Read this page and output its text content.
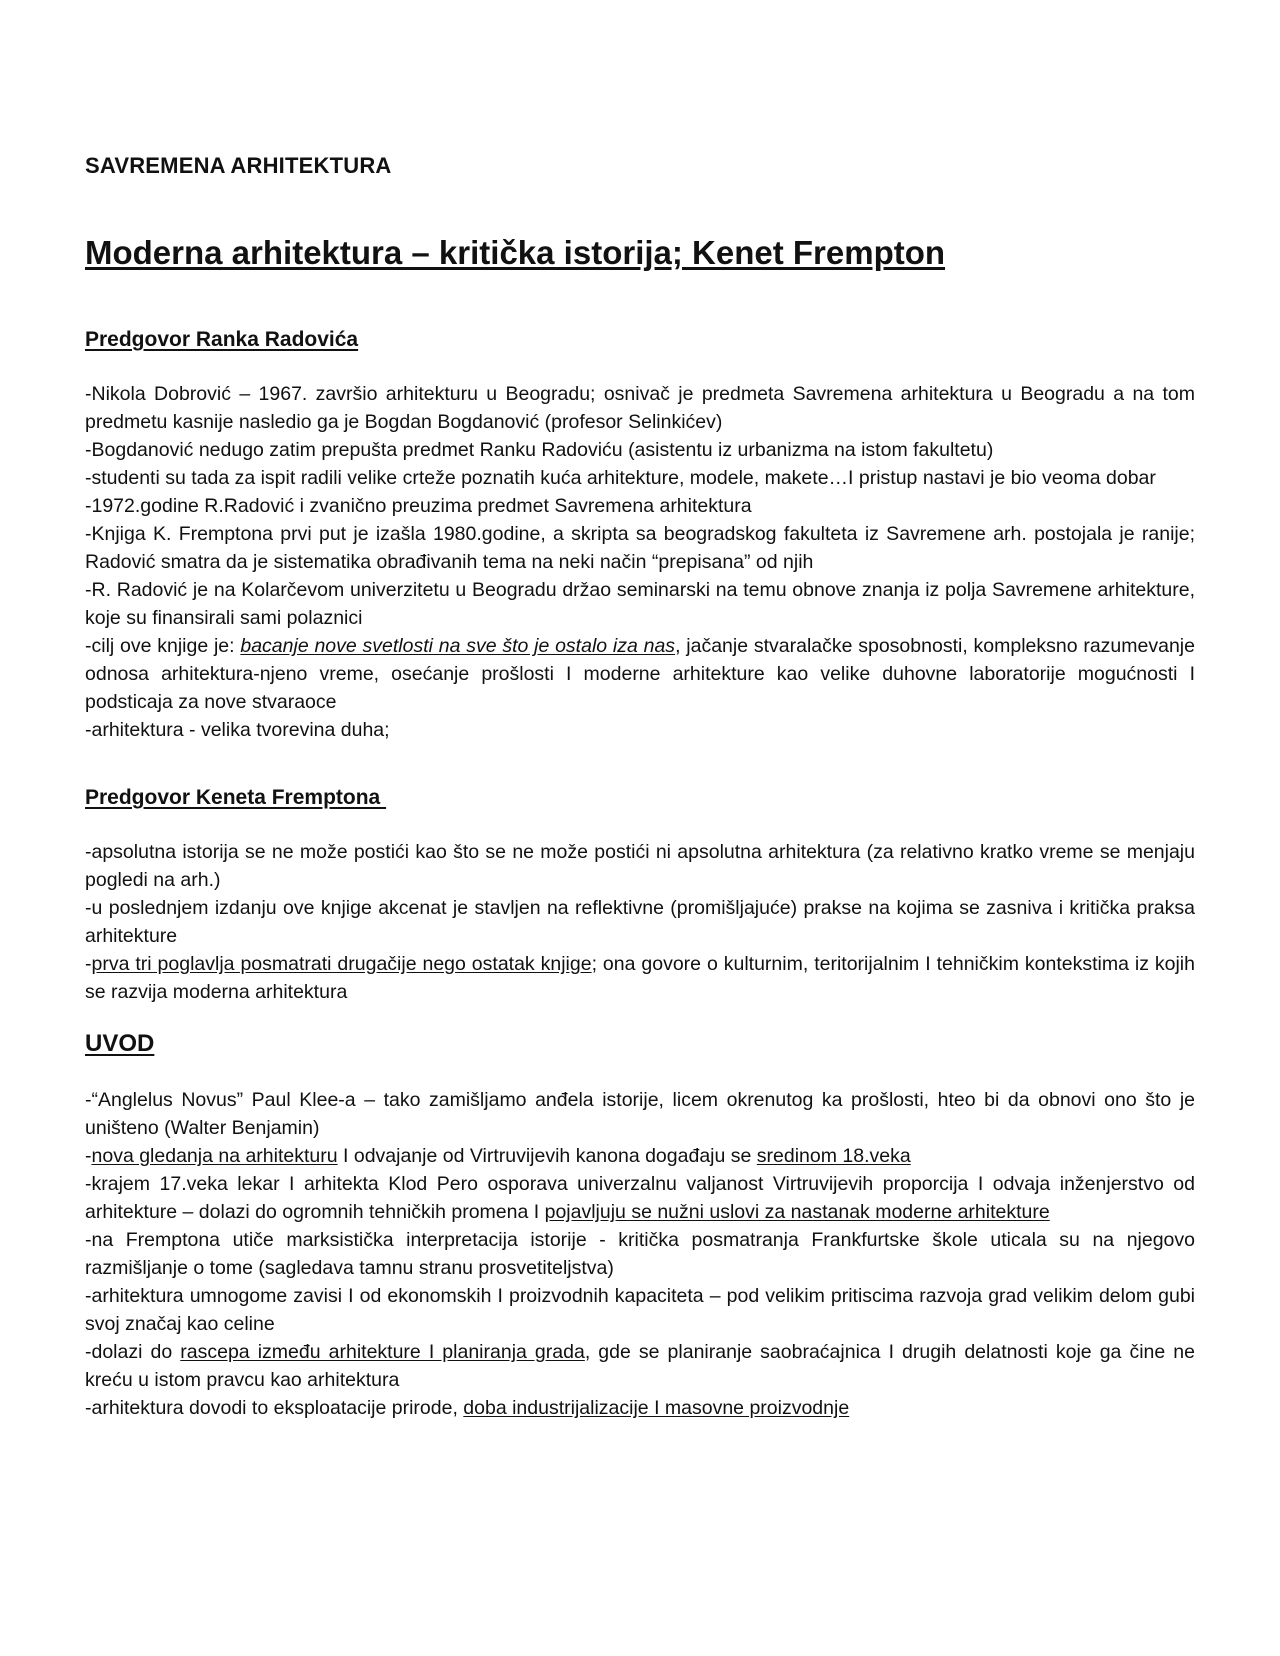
SAVREMENA ARHITEKTURA
Moderna arhitektura – kritička istorija; Kenet Frempton
Predgovor Ranka Radovića

-Nikola Dobrović – 1967. završio arhitekturu u Beogradu; osnivač je predmeta Savremena arhitektura u Beogradu a na tom predmetu kasnije nasledio ga je Bogdan Bogdanović (profesor Selinkićev)

-Bogdanović nedugo zatim prepušta predmet Ranku Radoviću (asistentu iz urbanizma na istom fakultetu)

-studenti su tada za ispit radili velike crteže poznatih kuća arhitekture, modele, makete…I pristup nastavi je bio veoma dobar

-1972.godine R.Radović i zvanično preuzima predmet Savremena arhitektura

-Knjiga K. Fremptona prvi put je izašla 1980.godine, a skripta sa beogradskog fakulteta iz Savremene arh. postojala je ranije; Radović smatra da je sistematika obrađivanih tema na neki način “prepisana” od njih

-R. Radović je na Kolarčevom univerzitetu u Beogradu držao seminarski na temu obnove znanja iz polja Savremene arhitekture, koje su finansirali sami polaznici

-cilj ove knjige je: bacanje nove svetlosti na sve što je ostalo iza nas, jačanje stvaralačke sposobnosti, kompleksno razumevanje odnosa arhitektura-njeno vreme, osećanje prošlosti I moderne arhitekture kao velike duhovne laboratorije mogućnosti I podsticaja za nove stvaraoce

-arhitektura - velika tvorevina duha;

Predgovor Keneta Fremptona

-apsolutna istorija se ne može postići kao što se ne može postići ni apsolutna arhitektura (za relativno kratko vreme se menjaju pogledi na arh.)

-u poslednjem izdanju ove knjige akcenat je stavljen na reflektivne (promišljajuće) prakse na kojima se zasniva i kritička praksa arhitekture

-prva tri poglavlja posmatrati drugačije nego ostatak knjige; ona govore o kulturnim, teritorijalnim I tehničkim kontekstima iz kojih se razvija moderna arhitektura

UVOD

-“Anglelus Novus” Paul Klee-a – tako zamišljamo anđela istorije, licem okrenutog ka prošlosti, hteo bi da obnovi ono što je uništeno (Walter Benjamin)

-nova gledanja na arhitekturu I odvajanje od Virtruvijevih kanona događaju se sredinom 18.veka

-krajem 17.veka lekar I arhitekta Klod Pero osporava univerzalnu valjanost Virtruvijevih proporcija I odvaja inženjerstvo od arhitekture – dolazi do ogromnih tehničkih promena I pojavljuju se nužni uslovi za nastanak moderne arhitekture

-na Fremptona utiče marksistička interpretacija istorije - kritička posmatranja Frankfurtske škole uticala su na njegovo razmišljanje o tome (sagledava tamnu stranu prosvetiteljstva)

-arhitektura umnogome zavisi I od ekonomskih I proizvodnih kapaciteta – pod velikim pritiscima razvoja grad velikim delom gubi svoj značaj kao celine

-dolazi do rascepa između arhitekture I planiranja grada, gde se planiranje saobraćajnica I drugih delatnosti koje ga čine ne kreću u istom pravcu kao arhitektura

-arhitektura dovodi to eksploatacije prirode, doba industrijalizacije I masovne proizvodnje
